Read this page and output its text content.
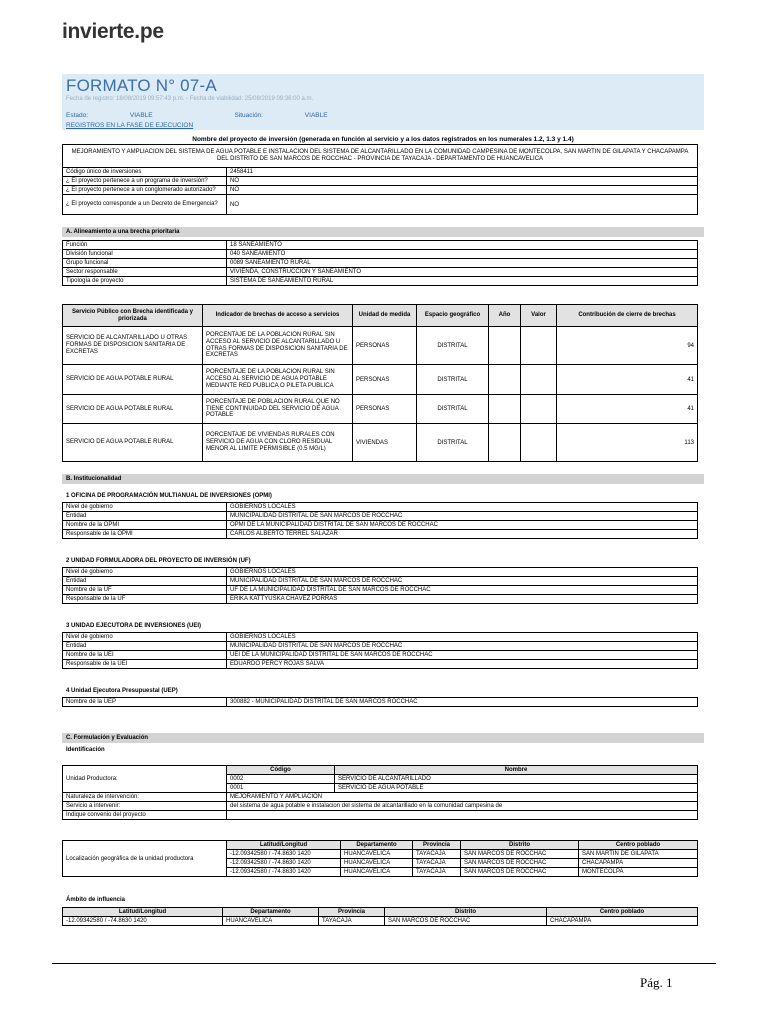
invierte.pe
FORMATO N° 07-A
Fecha de registro: 18/08/2019 09:57:43 p.m. - Fecha de viabilidad: 25/08/2019 09:36:00 a.m.
Estado:	VIABLE	Situación:	VIABLE
REGISTROS EN LA FASE DE EJECUCION
Nombre del proyecto de inversión (generada en función al servicio y a los datos registrados en los numerales 1.2, 1.3 y 1.4)
MEJORAMIENTO Y AMPLIACION DEL SISTEMA DE AGUA POTABLE E INSTALACION DEL SISTEMA DE ALCANTARILLADO EN LA COMUNIDAD CAMPESINA DE MONTECOLPA, SAN MARTIN DE GILAPATA Y CHACAPAMPA DEL DISTRITO DE SAN MARCOS DE ROCCHAC - PROVINCIA DE TAYACAJA - DEPARTAMENTO DE HUANCAVELICA	
Código único de inversiones	2458411
¿ El proyecto pertenece a un programa de inversión?	NO
¿ El proyecto pertenece a un conglomerado autorizado?	NO
¿ El proyecto corresponde a un Decreto de Emergencia?	NO
A. Alineamiento a una brecha prioritaria
Función	18 SANEAMIENTO
División funcional	040 SANEAMIENTO
Grupo funcional	0089 SANEAMIENTO RURAL
Sector responsable	VIVIENDA, CONSTRUCCION Y SANEAMIENTO
Tipología de proyecto	SISTEMA DE SANEAMIENTO RURAL
Servicio Público con Brecha identificada y priorizada	Indicador de brechas de acceso a servicios	Unidad de medida	Espacio geográfico	Año	Valor	Contribución de cierre de brechas
SERVICIO DE ALCANTARILLADO U OTRAS FORMAS DE DISPOSICION SANITARIA DE EXCRETAS	PORCENTAJE DE LA POBLACION RURAL SIN ACCESO AL SERVICIO DE ALCANTARILLADO U OTRAS FORMAS DE DISPOSICION SANITARIA DE EXCRETAS	PERSONAS	DISTRITAL			94
SERVICIO DE AGUA POTABLE RURAL	PORCENTAJE DE LA POBLACION RURAL SIN ACCESO AL SERVICIO DE AGUA POTABLE MEDIANTE RED PUBLICA O PILETA PUBLICA	PERSONAS	DISTRITAL			41
SERVICIO DE AGUA POTABLE RURAL	PORCENTAJE DE POBLACION RURAL QUE NO TIENE CONTINUIDAD DEL SERVICIO DE AGUA POTABLE	PERSONAS	DISTRITAL			41
SERVICIO DE AGUA POTABLE RURAL	PORCENTAJE DE VIVIENDAS RURALES CON SERVICIO DE AGUA CON CLORO RESIDUAL MENOR AL LIMITE PERMISIBLE (0.5 MG/L)	VIVIENDAS	DISTRITAL			113
B. Institucionalidad
1 OFICINA DE PROGRAMACIÓN MULTIANUAL DE INVERSIONES (OPMI)
Nivel de gobierno	GOBIERNOS LOCALES
Entidad	MUNICIPALIDAD DISTRITAL DE SAN MARCOS DE ROCCHAC
Nombre de la OPMI	OPMI DE LA MUNICIPALIDAD DISTRITAL DE SAN MARCOS DE ROCCHAC
Responsable de la OPMI	CARLOS ALBERTO TERREL SALAZAR
2 UNIDAD FORMULADORA DEL PROYECTO DE INVERSIÓN (UF)
Nivel de gobierno	GOBIERNOS LOCALES
Entidad	MUNICIPALIDAD DISTRITAL DE SAN MARCOS DE ROCCHAC
Nombre de la UF	UF DE LA MUNICIPALIDAD DISTRITAL DE SAN MARCOS DE ROCCHAC
Responsable de la UF	ERIKA KATTYUSKA CHÁVEZ PORRAS
3 UNIDAD EJECUTORA DE INVERSIONES (UEI)
Nivel de gobierno	GOBIERNOS LOCALES
Entidad	MUNICIPALIDAD DISTRITAL DE SAN MARCOS DE ROCCHAC
Nombre de la UEI	UEI DE LA MUNICIPALIDAD DISTRITAL DE SAN MARCOS DE ROCCHAC
Responsable de la UEI	EDUARDO PERCY ROJAS SALVA
4 Unidad Ejecutora Presupuestal (UEP)
Nombre de la UEP	300882 - MUNICIPALIDAD DISTRITAL DE SAN MARCOS ROCCHAC
C. Formulación y Evaluación
Identificación
Unidad Productora:	Código	Nombre
	0002	SERVICIO DE ALCANTARILLADO
	0001	SERVICIO DE AGUA POTABLE
Naturaleza de intervención:	MEJORAMIENTO Y AMPLIACION	
Servicio a intervenir:	del sistema de agua potable e instalacion del sistema de alcantarillado en la comunidad campesina de	
Indique convenio del proyecto		
Localización geográfica de la unidad productora	Latitud/Longitud	Departamento	Provincia	Distrito	Centro poblado
	-12.09342580 / -74.8630 1420	HUANCAVELICA	TAYACAJA	SAN MARCOS DE ROCCHAC	SAN MARTIN DE GILAPATA
	-12.09342580 / -74.8630 1420	HUANCAVELICA	TAYACAJA	SAN MARCOS DE ROCCHAC	CHACAPAMPA
	-12.09342580 / -74.8630 1420	HUANCAVELICA	TAYACAJA	SAN MARCOS DE ROCCHAC	MONTECOLPA
Ámbito de influencia
Latitud/Longitud	Departamento	Provincia	Distrito	Centro poblado
-12.09342580 / -74.8630 1420	HUANCAVELICA	TAYACAJA	SAN MARCOS DE ROCCHAC	CHACAPAMPA
Pág. 1
